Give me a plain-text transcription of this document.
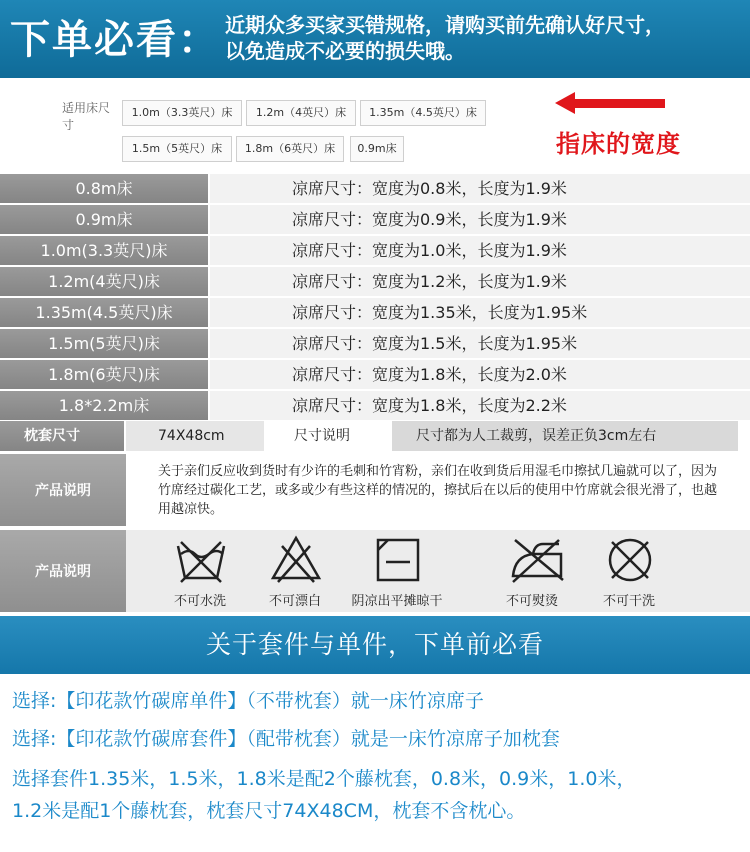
下单必看： 近期众多买家买错规格，请购买前先确认好尺寸，
以免造成不必要的损失哦。
适用床尺寸
1.0m（3.3英尺）床	1.2m（4英尺）床	1.35m（4.5英尺）床
1.5m（5英尺）床	1.8m（6英尺）床	0.9m床	指床的宽度
0.8m床	凉席尺寸：宽度为0.8米，长度为1.9米
0.9m床	凉席尺寸：宽度为0.9米，长度为1.9米
1.0m(3.3英尺)床	凉席尺寸：宽度为1.0米，长度为1.9米
1.2m(4英尺)床	凉席尺寸：宽度为1.2米，长度为1.9米
1.35m(4.5英尺)床	凉席尺寸：宽度为1.35米，长度为1.95米
1.5m(5英尺)床	凉席尺寸：宽度为1.5米，长度为1.95米
1.8m(6英尺)床	凉席尺寸：宽度为1.8米，长度为2.0米
1.8*2.2m床	凉席尺寸：宽度为1.8米，长度为2.2米
枕套尺寸	74X48cm	尺寸说明	尺寸都为人工裁剪，误差正负3cm左右
产品说明
关于亲们反应收到货时有少许的毛刺和竹宵粉，亲们在收到货后用湿毛巾擦拭几遍就可以了，因为竹席经过碳化工艺，或多或少有些这样的情况的，擦拭后在以后的使用中竹席就会很光滑了，也越用越凉快。
产品说明
不可水洗	不可漂白	阴凉出平摊晾干	不可熨烫	不可干洗
关于套件与单件，下单前必看
选择:【印花款竹碳席单件】（不带枕套）就一床竹凉席子
选择:【印花款竹碳席套件】（配带枕套）就是一床竹凉席子加枕套
选择套件1.35米，1.5米，1.8米是配2个藤枕套，0.8米，0.9米，1.0米，
1.2米是配1个藤枕套，枕套尺寸74X48CM，枕套不含枕心。
